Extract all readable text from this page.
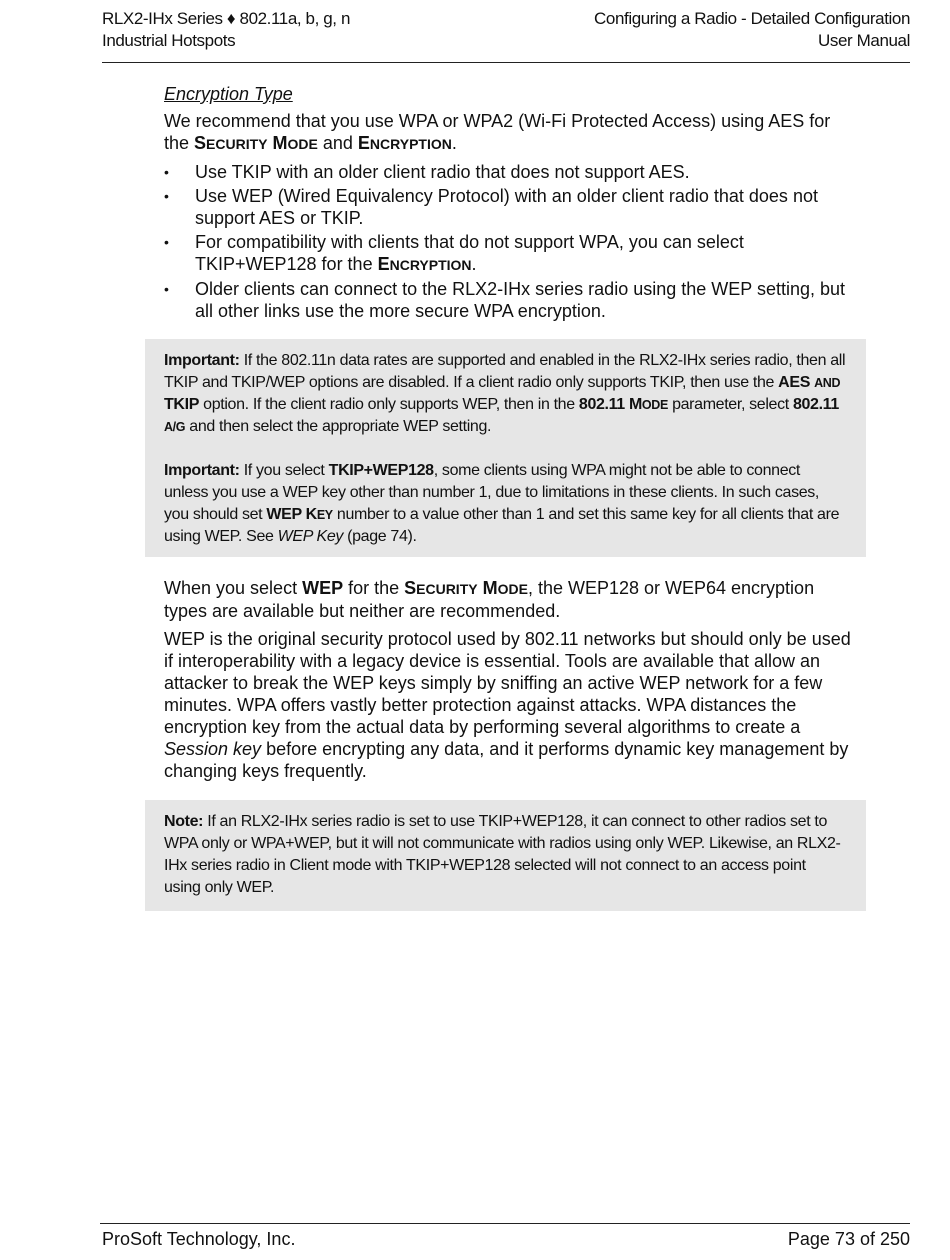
RLX2-IHx Series ♦ 802.11a, b, g, n
Industrial Hotspots
Configuring a Radio - Detailed Configuration
User Manual
Encryption Type

We recommend that you use WPA or WPA2 (Wi-Fi Protected Access) using AES for the SECURITY MODE and ENCRYPTION.

• Use TKIP with an older client radio that does not support AES.
• Use WEP (Wired Equivalency Protocol) with an older client radio that does not support AES or TKIP.
• For compatibility with clients that do not support WPA, you can select TKIP+WEP128 for the ENCRYPTION.
• Older clients can connect to the RLX2-IHx series radio using the WEP setting, but all other links use the more secure WPA encryption.

Important: If the 802.11n data rates are supported and enabled in the RLX2-IHx series radio, then all TKIP and TKIP/WEP options are disabled. If a client radio only supports TKIP, then use the AES AND TKIP option. If the client radio only supports WEP, then in the 802.11 MODE parameter, select 802.11 A/G and then select the appropriate WEP setting.

Important: If you select TKIP+WEP128, some clients using WPA might not be able to connect unless you use a WEP key other than number 1, due to limitations in these clients. In such cases, you should set WEP KEY number to a value other than 1 and set this same key for all clients that are using WEP. See WEP Key (page 74).

When you select WEP for the SECURITY MODE, the WEP128 or WEP64 encryption types are available but neither are recommended.

WEP is the original security protocol used by 802.11 networks but should only be used if interoperability with a legacy device is essential. Tools are available that allow an attacker to break the WEP keys simply by sniffing an active WEP network for a few minutes. WPA offers vastly better protection against attacks. WPA distances the encryption key from the actual data by performing several algorithms to create a Session key before encrypting any data, and it performs dynamic key management by changing keys frequently.

Note: If an RLX2-IHx series radio is set to use TKIP+WEP128, it can connect to other radios set to WPA only or WPA+WEP, but it will not communicate with radios using only WEP. Likewise, an RLX2-IHx series radio in Client mode with TKIP+WEP128 selected will not connect to an access point using only WEP.

ProSoft Technology, Inc.	Page 73 of 250
